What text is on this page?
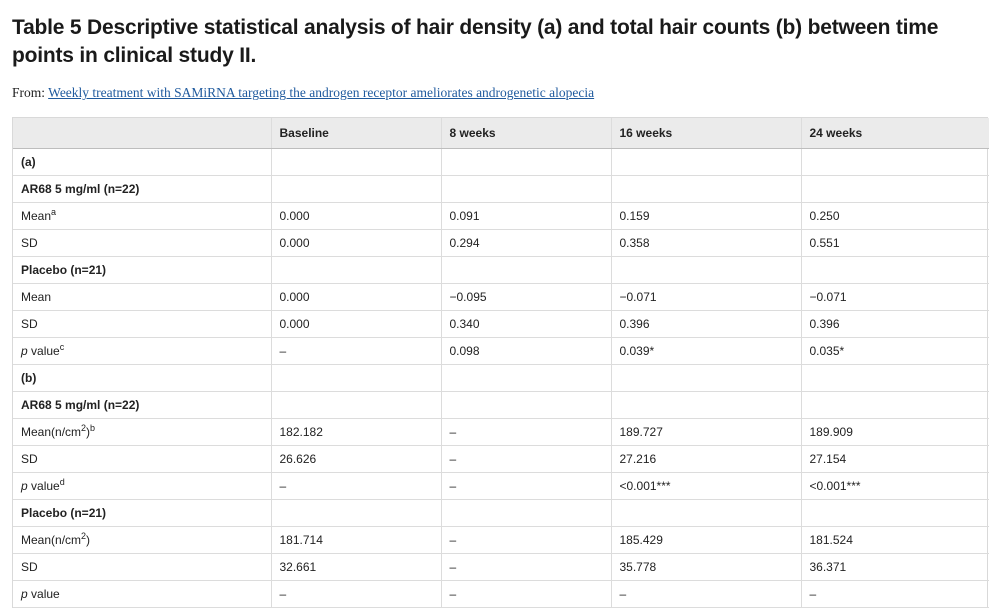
Table 5 Descriptive statistical analysis of hair density (a) and total hair counts (b) between time points in clinical study II.
From: Weekly treatment with SAMiRNA targeting the androgen receptor ameliorates androgenetic alopecia
	Baseline	8 weeks	16 weeks	24 weeks
(a)				
AR68 5 mg/ml (n=22)				
Mean$^a$	0.000	0.091	0.159	0.250
SD	0.000	0.294	0.358	0.551
Placebo (n=21)				
Mean	0.000	−0.095	−0.071	−0.071
SD	0.000	0.340	0.396	0.396
p value$^c$	–	0.098	0.039*	0.035*
(b)				
AR68 5 mg/ml (n=22)				
$Mean(n/cm^2)^b$	182.182	–	189.727	189.909
SD	26.626	–	27.216	27.154
p value$^d$	–	–	<0.001***	<0.001***
Placebo (n=21)				
$Mean(n/cm^2)$	181.714	–	185.429	181.524
SD	32.661	–	35.778	36.371
p value	–	–	–	–
